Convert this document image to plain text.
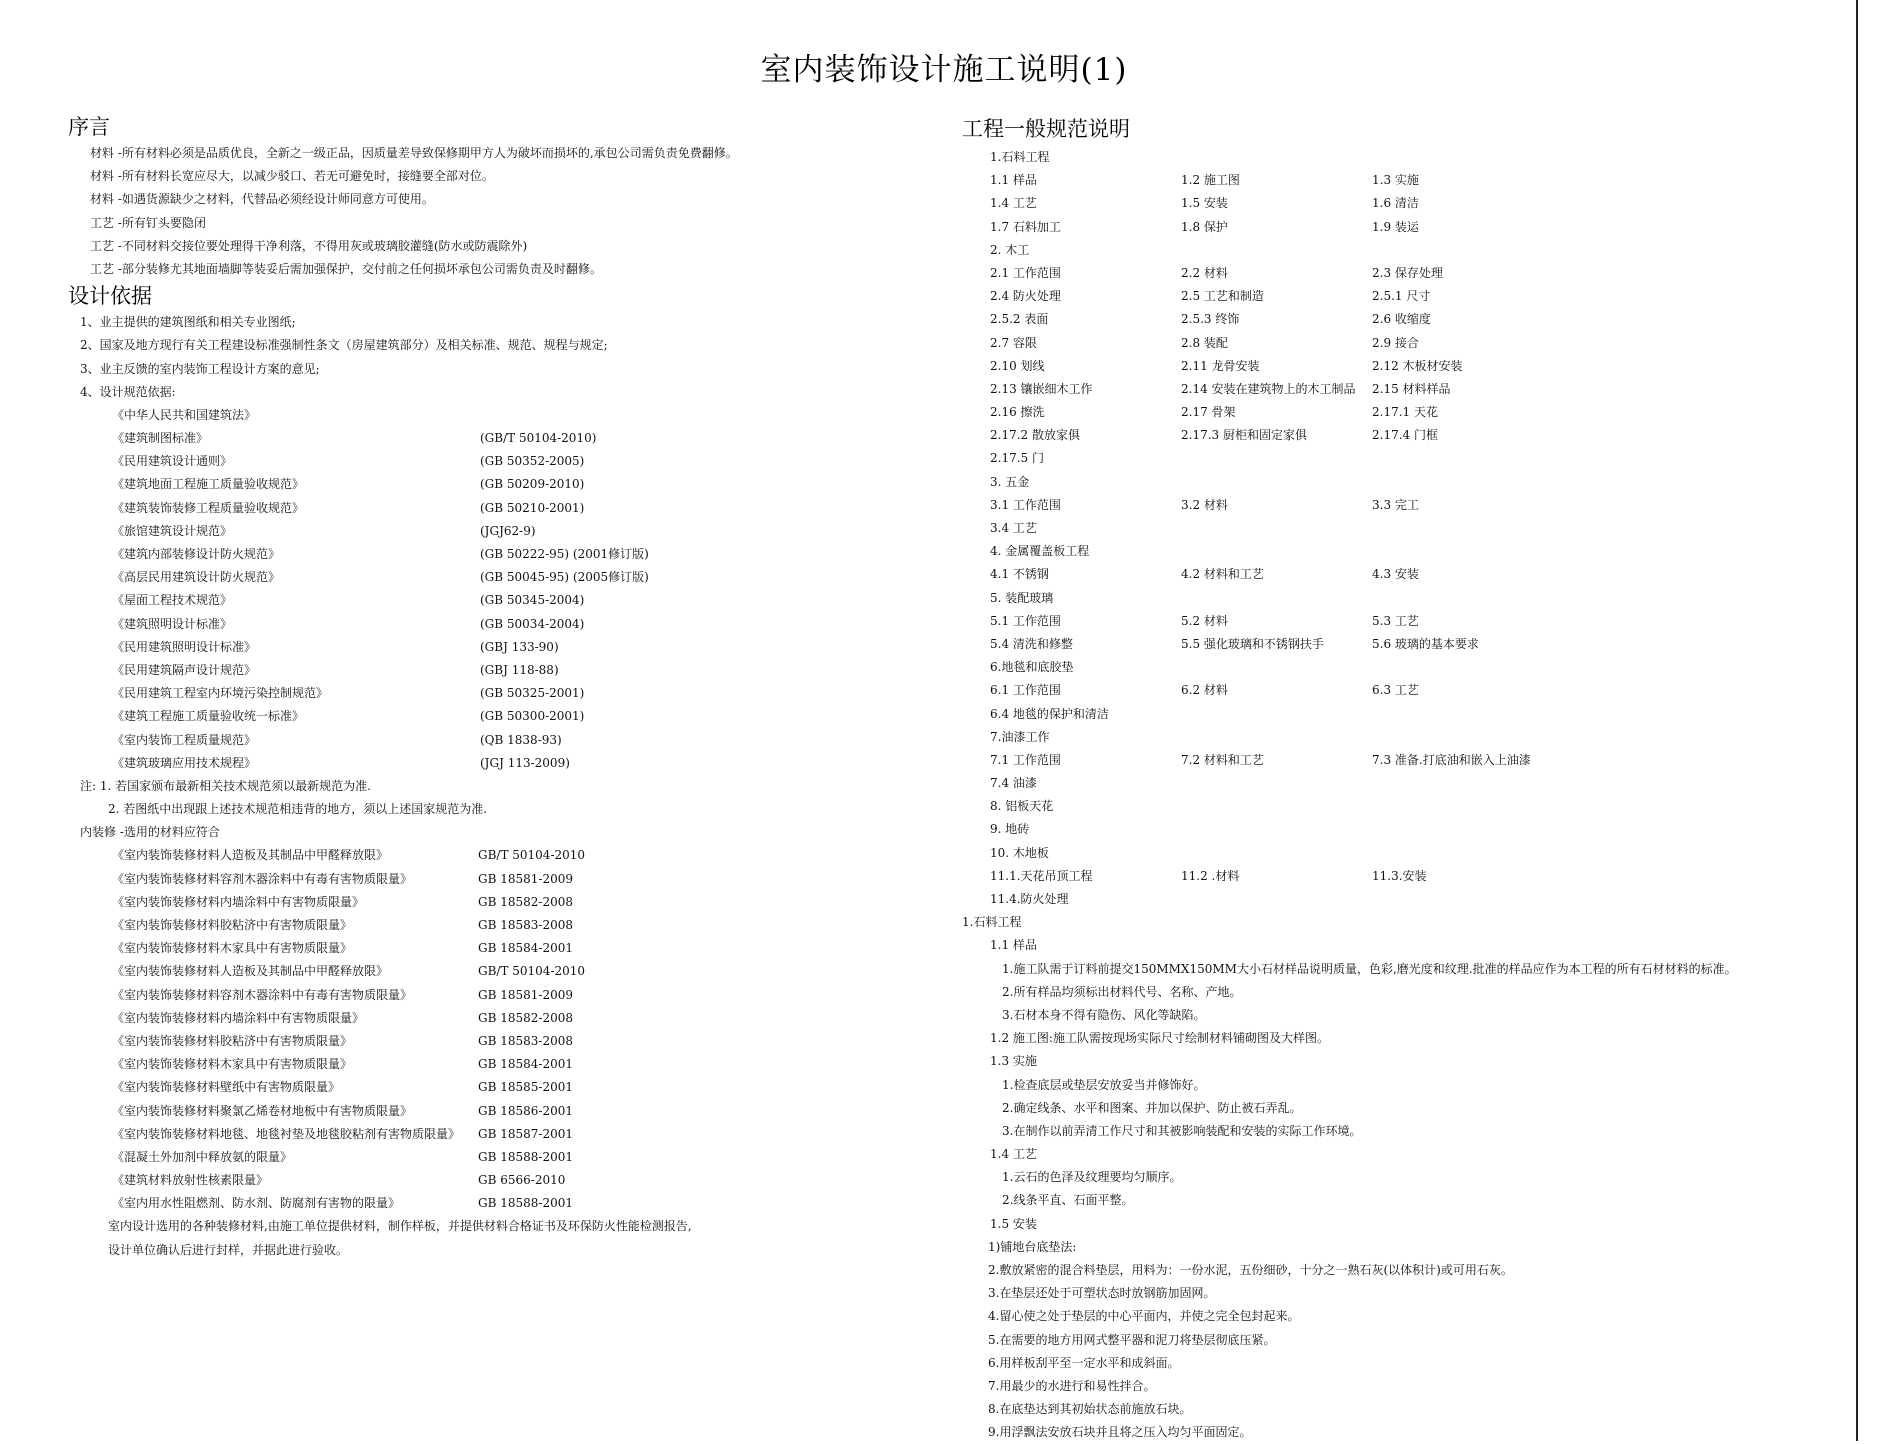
室内装饰设计施工说明(1)
序言
材料 -所有材料必须是品质优良，全新之一级正品，因质量差导致保修期甲方人为破坏而损坏的,承包公司需负责免费翻修。
材料 -所有材料长宽应尽大，以减少驳口、若无可避免时，接缝要全部对位。
材料 -如遇货源缺少之材料，代替品必须经设计师同意方可使用。
工艺 -所有钉头要隐闭
工艺 -不同材料交接位要处理得干净利落，不得用灰或玻璃胶灌缝(防水或防震除外)
工艺 -部分装修尤其地面墙脚等装妥后需加强保护，交付前之任何损坏承包公司需负责及时翻修。
设计依据
1、业主提供的建筑图纸和相关专业图纸;
2、国家及地方现行有关工程建设标准强制性条文（房屋建筑部分）及相关标准、规范、规程与规定;
3、业主反馈的室内装饰工程设计方案的意见;
4、设计规范依据:
《中华人民共和国建筑法》
《建筑制图标准》	(GB/T 50104-2010)
《民用建筑设计通则》	(GB 50352-2005)
《建筑地面工程施工质量验收规范》	(GB 50209-2010)
《建筑装饰装修工程质量验收规范》	(GB 50210-2001)
《旅馆建筑设计规范》	(JGJ62-9)
《建筑内部装修设计防火规范》	(GB 50222-95) (2001修订版)
《高层民用建筑设计防火规范》	(GB 50045-95) (2005修订版)
《屋面工程技术规范》	(GB 50345-2004)
《建筑照明设计标准》	(GB 50034-2004)
《民用建筑照明设计标准》	(GBJ 133-90)
《民用建筑隔声设计规范》	(GBJ 118-88)
《民用建筑工程室内环境污染控制规范》	(GB 50325-2001)
《建筑工程施工质量验收统一标准》	(GB 50300-2001)
《室内装饰工程质量规范》	(QB 1838-93)
《建筑玻璃应用技术规程》	(JGJ 113-2009)
注: 1. 若国家颁布最新相关技术规范须以最新规范为准.
2. 若图纸中出现跟上述技术规范相违背的地方，须以上述国家规范为准.
内装修 -选用的材料应符合
《室内装饰装修材料人造板及其制品中甲醛释放限》	GB/T 50104-2010
《室内装饰装修材料容剂木器涂料中有毒有害物质限量》	GB 18581-2009
《室内装饰装修材料内墙涂料中有害物质限量》	GB 18582-2008
《室内装饰装修材料胶粘济中有害物质限量》	GB 18583-2008
《室内装饰装修材料木家具中有害物质限量》	GB 18584-2001
《室内装饰装修材料人造板及其制品中甲醛释放限》	GB/T 50104-2010
《室内装饰装修材料容剂木器涂料中有毒有害物质限量》	GB 18581-2009
《室内装饰装修材料内墙涂料中有害物质限量》	GB 18582-2008
《室内装饰装修材料胶粘济中有害物质限量》	GB 18583-2008
《室内装饰装修材料木家具中有害物质限量》	GB 18584-2001
《室内装饰装修材料壁纸中有害物质限量》	GB 18585-2001
《室内装饰装修材料聚氯乙烯卷材地板中有害物质限量》	GB 18586-2001
《室内装饰装修材料地毯、地毯衬垫及地毯胶粘剂有害物质限量》	GB 18587-2001
《混凝土外加剂中释放氨的限量》	GB 18588-2001
《建筑材料放射性核素限量》	GB 6566-2010
《室内用水性阻燃剂、防水剂、防腐剂有害物的限量》	GB 18588-2001
室内设计选用的各种装修材料,由施工单位提供材料，制作样板，并提供材料合格证书及环保防火性能检测报告,
设计单位确认后进行封样，并据此进行验收。
工程一般规范说明
1.石料工程
1.1 样品	1.2 施工图	1.3 实施
1.4 工艺	1.5 安装	1.6 清洁
1.7 石料加工	1.8 保护	1.9 装运
2. 木工
2.1 工作范围	2.2 材料	2.3 保存处理
2.4 防火处理	2.5 工艺和制造	2.5.1 尺寸
2.5.2 表面	2.5.3 终饰	2.6 收缩度
2.7 容限	2.8 装配	2.9 接合
2.10 划线	2.11 龙骨安装	2.12 木板材安装
2.13 镶嵌细木工作	2.14 安装在建筑物上的木工制品	2.15 材料样品
2.16 擦洗	2.17 骨架	2.17.1 天花
2.17.2 散放家俱	2.17.3 厨柜和固定家俱	2.17.4 门框
2.17.5 门
3. 五金
3.1 工作范围	3.2 材料	3.3 完工
3.4 工艺
4. 金属覆盖板工程
4.1 不锈钢	4.2 材料和工艺	4.3 安装
5. 装配玻璃
5.1 工作范围	5.2 材料	5.3 工艺
5.4 清洗和修整	5.5 强化玻璃和不锈钢扶手	5.6 玻璃的基本要求
6.地毯和底胶垫
6.1 工作范围	6.2 材料	6.3 工艺
6.4 地毯的保护和清洁
7.油漆工作
7.1 工作范围	7.2 材料和工艺	7.3 准备.打底油和嵌入上油漆
7.4 油漆
8. 铝板天花
9. 地砖
10. 木地板
11.1.天花吊顶工程	11.2 .材料	11.3.安装
11.4.防火处理
1.石料工程
1.1 样品
1.施工队需于订料前提交150MMX150MM大小石材样品说明质量，色彩,磨光度和纹理.批准的样品应作为本工程的所有石材材料的标准。
2.所有样品均须标出材料代号、名称、产地。
3.石材本身不得有隐伤、风化等缺陷。
1.2 施工图:施工队需按现场实际尺寸绘制材料铺砌图及大样图。
1.3 实施
1.检查底层或垫层安放妥当并修饰好。
2.确定线条、水平和图案、并加以保护、防止被石弄乱。
3.在制作以前弄清工作尺寸和其被影响装配和安装的实际工作环境。
1.4 工艺
1.云石的色泽及纹理要均匀顺序。
2.线条平直、石面平整。
1.5 安装
1)铺地台底垫法:
2.敷放紧密的混合料垫层，用料为：一份水泥，五份细砂，十分之一熟石灰(以体积计)或可用石灰。
3.在垫层还处于可塑状态时放钢筋加固网。
4.留心使之处于垫层的中心平面内，并使之完全包封起来。
5.在需要的地方用网式整平器和泥刀将垫层彻底压紧。
6.用样板刮平至一定水平和成斜面。
7.用最少的水进行和易性拌合。
8.在底垫达到其初始状态前施放石块。
9.用浮飘法安放石块并且将之压入均匀平面固定。
